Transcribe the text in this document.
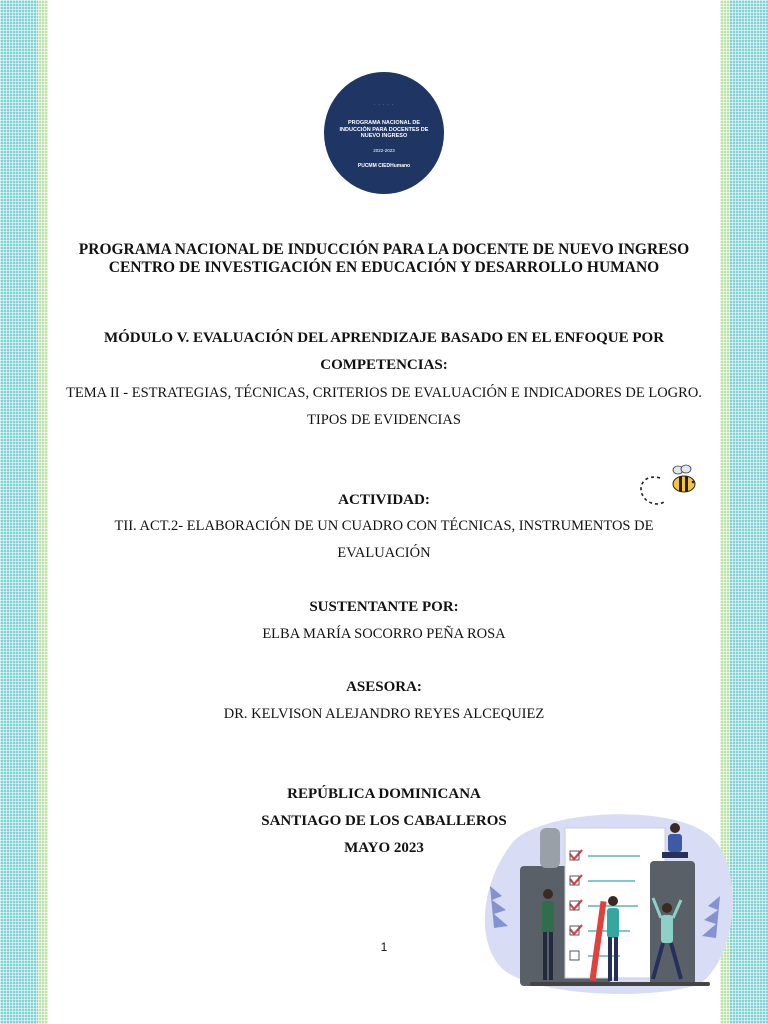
· · · · ·
PROGRAMA NACIONAL DE INDUCCIÓN PARA DOCENTES DE NUEVO INGRESO
2022-2023
PUCMM CIEDHumano
PROGRAMA NACIONAL DE INDUCCIÓN PARA LA DOCENTE DE NUEVO INGRESO
CENTRO DE INVESTIGACIÓN EN EDUCACIÓN Y DESARROLLO HUMANO
MÓDULO V. EVALUACIÓN DEL APRENDIZAJE BASADO EN EL ENFOQUE POR COMPETENCIAS:
TEMA II - ESTRATEGIAS, TÉCNICAS, CRITERIOS DE EVALUACIÓN E INDICADORES DE LOGRO. TIPOS DE EVIDENCIAS
ACTIVIDAD:
TII. ACT.2- ELABORACIÓN DE UN CUADRO CON TÉCNICAS, INSTRUMENTOS DE EVALUACIÓN
SUSTENTANTE POR:
ELBA MARÍA SOCORRO PEÑA ROSA
ASESORA:
DR. KELVISON ALEJANDRO REYES ALCEQUIEZ
REPÚBLICA DOMINICANA
SANTIAGO DE LOS CABALLEROS
MAYO 2023
1
